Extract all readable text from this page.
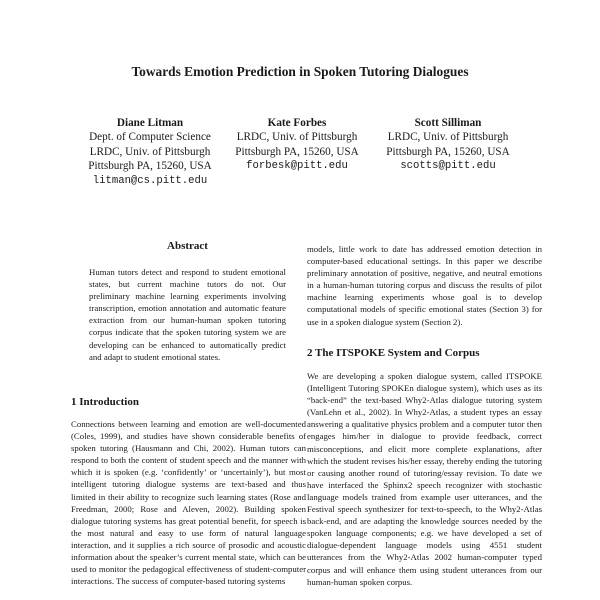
Towards Emotion Prediction in Spoken Tutoring Dialogues
Diane Litman
Dept. of Computer Science
LRDC, Univ. of Pittsburgh
Pittsburgh PA, 15260, USA
litman@cs.pitt.edu
Kate Forbes
LRDC, Univ. of Pittsburgh
Pittsburgh PA, 15260, USA
forbesk@pitt.edu
Scott Silliman
LRDC, Univ. of Pittsburgh
Pittsburgh PA, 15260, USA
scotts@pitt.edu
Abstract

Human tutors detect and respond to student emotional states, but current machine tutors do not. Our preliminary machine learning experiments involving transcription, emotion annotation and automatic feature extraction from our human-human spoken tutoring corpus indicate that the spoken tutoring system we are developing can be enhanced to automatically predict and adapt to student emotional states.

1 Introduction

Connections between learning and emotion are well-documented (Coles, 1999), and studies have shown considerable benefits of spoken tutoring (Hausmann and Chi, 2002). Human tutors can respond to both the content of student speech and the manner with which it is spoken (e.g. ‘confidently’ or ‘uncertainly’), but most intelligent tutoring dialogue systems are text-based and thus limited in their ability to recognize such learning states (Rose and Freedman, 2000; Rose and Aleven, 2002). Building spoken dialogue tutoring systems has great potential benefit, for speech is the most natural and easy to use form of natural language interaction, and it supplies a rich source of prosodic and acoustic information about the speaker’s current mental state, which can be used to monitor the pedagogical effectiveness of student-computer interactions. The success of computer-based tutoring systems

models, little work to date has addressed emotion detection in computer-based educational settings. In this paper we describe preliminary annotation of positive, negative, and neutral emotions in a human-human tutoring corpus and discuss the results of pilot machine learning experiments whose goal is to develop computational models of specific emotional states (Section 3) for use in a spoken dialogue system (Section 2).

2 The ITSPOKE System and Corpus

We are developing a spoken dialogue system, called ITSPOKE (Intelligent Tutoring SPOKEn dialogue system), which uses as its “back-end” the text-based Why2-Atlas dialogue tutoring system (VanLehn et al., 2002). In Why2-Atlas, a student types an essay answering a qualitative physics problem and a computer tutor then engages him/her in dialogue to provide feedback, correct misconceptions, and elicit more complete explanations, after which the student revises his/her essay, thereby ending the tutoring or causing another round of tutoring/essay revision. To date we have interfaced the Sphinx2 speech recognizer with stochastic language models trained from example user utterances, and the Festival speech synthesizer for text-to-speech, to the Why2-Atlas back-end, and are adapting the knowledge sources needed by the spoken language components; e.g. we have developed a set of dialogue-dependent language models using 4551 student utterances from the Why2-Atlas 2002 human-computer typed corpus and will enhance them using student utterances from our human-human spoken corpus.
